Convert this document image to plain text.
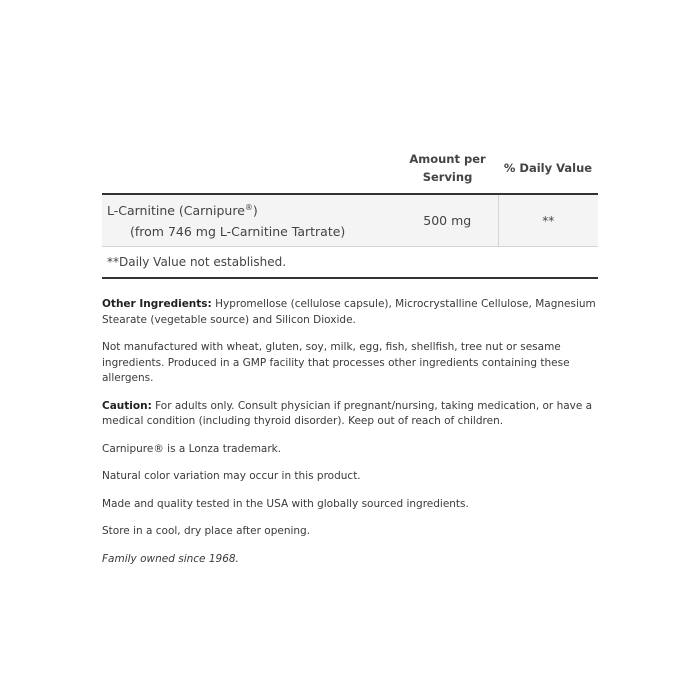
	Amount per Serving	% Daily Value
L-Carnitine (Carnipure®)
(from 746 mg L-Carnitine Tartrate)	500 mg	**
**Daily Value not established.		

Other Ingredients: Hypromellose (cellulose capsule), Microcrystalline Cellulose, Magnesium Stearate (vegetable source) and Silicon Dioxide.

Not manufactured with wheat, gluten, soy, milk, egg, fish, shellfish, tree nut or sesame ingredients. Produced in a GMP facility that processes other ingredients containing these allergens.

Caution: For adults only. Consult physician if pregnant/nursing, taking medication, or have a medical condition (including thyroid disorder). Keep out of reach of children.

Carnipure® is a Lonza trademark.

Natural color variation may occur in this product.

Made and quality tested in the USA with globally sourced ingredients.

Store in a cool, dry place after opening.

Family owned since 1968.
